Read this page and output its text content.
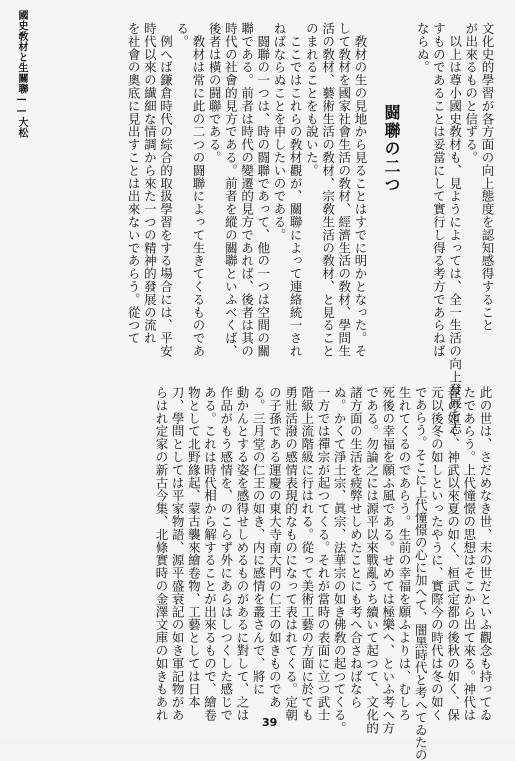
國史敎材と生關聯——大松	文化史的學習が各方面の向上態度を認知感得すること
が出來るものと信ずる。
　以上は尊小國史敎材も、見ようによっては、全一生活の向上發展を志
すものであることは妥當にして實行し得る考方であらねば
ならぬ。
闘聯の二つ
　敎材の生の見地から見ることはすでに明かとなった。そ
して敎材を國家社會生活の敎材、經濟生活の敎材、學問生
活の敎材、藝術生活の敎材、宗敎生活の敎材、と見ること
のまれることをも說いた。
　ここではこれらの敎材觀が、關聯によって連絡統一され
ねばならぬことを申したいのである。
　闘聯の一つは、時の闘聯であって、他の一つは空間の關
聯である。前者は時代の變遷的見方であれば、後者は其の
時代の社會的見方である。前者を縱の關聯といふべくば、
後者は橫の闘聯である。
　敎材は常に此の二つの闘聯によって生きてくるものであ
る。
　例へば鎌倉時代の綜合的取扱學習をする場合には、平安
時代以來の纎細な情調から來た一つの精神的發展の流れ
を社會の奧底に見出すことは出來ないであらう。從つて
此の世は、さだめなき世、末の世だといふ觀念も持ってゐ
たであらう。上代憧憬の思想はそこから出て來る。神代は
春の如く、神武以來夏の如く、桓武定都の後秋の如く、保
元以後冬の如しといったやうに、實際今の時代は冬の如く
であらう。そこに上代憧憬の心に加へて、闇黑時代と考へてゐたの
生れてくるのであらう。生前の幸福を願ふよりは、むしろ
死後の幸福を願ふ風である。せめては極樂へ、といふ考へ方
である。勿論之には源平以來戰亂うち續いて起つて、文化的
諸方面の生活を疲弊せしめたことにも考へ合さねばなら
ぬ。かくて淨土宗、眞宗、法華宗の如き佛敎の起つてくる。
一方では禪宗が起つてくる。それが當時の表面に立つ武士
階級上流階級に行はれる。從って美術工藝の方面に於ても
勇壯活潑の感情表現的なものになって表はれてくる。定朝
の子孫である運慶の東大寺南大門の仁王の如きものであ
る。三月堂の仁王の如き、内に感情を叢さんで、將に
動かんとする姿を感得せしめるものがあるに對して、之は
作品がもう感情を、のこらず外にあらはしつくした感じで
ある。これは時代相から解することが出來るもので、繪卷
物として北野緣起、蒙古襲來繪卷物、工藝としては日本
刀、學問としては平家物語、源平盛衰記の如き軍記物があ
らはれ定家の新古今集、北條實時の金澤文庫の如きもあれ
39
